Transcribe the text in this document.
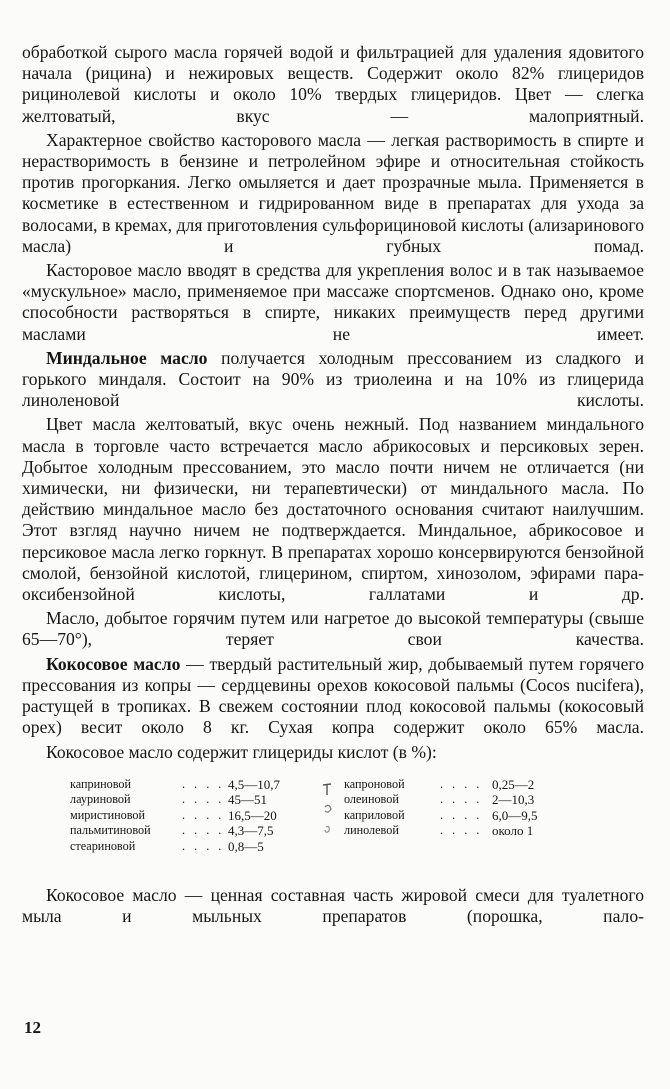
обработкой сырого масла горячей водой и фильтрацией для удаления ядовитого начала (рицина) и нежировых веществ. Содержит около 82% глицеридов рицинолевой кислоты и около 10% твердых глицеридов. Цвет — слегка желтоватый, вкус — малоприятный.

Характерное свойство касторового масла — легкая растворимость в спирте и нерастворимость в бензине и петролейном эфире и относительная стойкость против прогоркания. Легко омыляется и дает прозрачные мыла. Применяется в косметике в естественном и гидрированном виде в препаратах для ухода за волосами, в кремах, для приготовления сульфорициновой кислоты (ализаринового масла) и губных помад.

Касторовое масло вводят в средства для укрепления волос и в так называемое «мускульное» масло, применяемое при массаже спортсменов. Однако оно, кроме способности растворяться в спирте, никаких преимуществ перед другими маслами не имеет.

Миндальное масло получается холодным прессованием из сладкого и горького миндаля. Состоит на 90% из триолеина и на 10% из глицерида линоленовой кислоты.

Цвет масла желтоватый, вкус очень нежный. Под названием миндального масла в торговле часто встречается масло абрикосовых и персиковых зерен. Добытое холодным прессованием, это масло почти ничем не отличается (ни химически, ни физически, ни терапевтически) от миндального масла. По действию миндальное масло без достаточного основания считают наилучшим. Этот взгляд научно ничем не подтверждается. Миндальное, абрикосовое и персиковое масла легко горкнут. В препаратах хорошо консервируются бензойной смолой, бензойной кислотой, глицерином, спиртом, хинозолом, эфирами пара-оксибензойной кислоты, галлатами и др.

Масло, добытое горячим путем или нагретое до высокой температуры (свыше 65—70°), теряет свои качества.

Кокосовое масло — твердый растительный жир, добываемый путем горячего прессования из копры — сердцевины орехов кокосовой пальмы (Cocos nucifera), растущей в тропиках. В свежем состоянии плод кокосовой пальмы (кокосовый орех) весит около 8 кг. Сухая копра содержит около 65% масла.

Кокосовое масло содержит глицериды кислот (в %):

каприновой	. . . . 4,5—10,7	капроновой	. . . . 0,25—2
лауриновой	. . . . 45—51	олеиновой	. . . . 2—10,3
миристиновой	. . . . 16,5—20	каприловой	. . . . 6,0—9,5
пальмитиновой	. . . . 4,3—7,5	линолевой	. . . . около 1
стеариновой	. . . . 0,8—5

Кокосовое масло — ценная составная часть жировой смеси для туалетного мыла и мыльных препаратов (порошка, пало-

12
